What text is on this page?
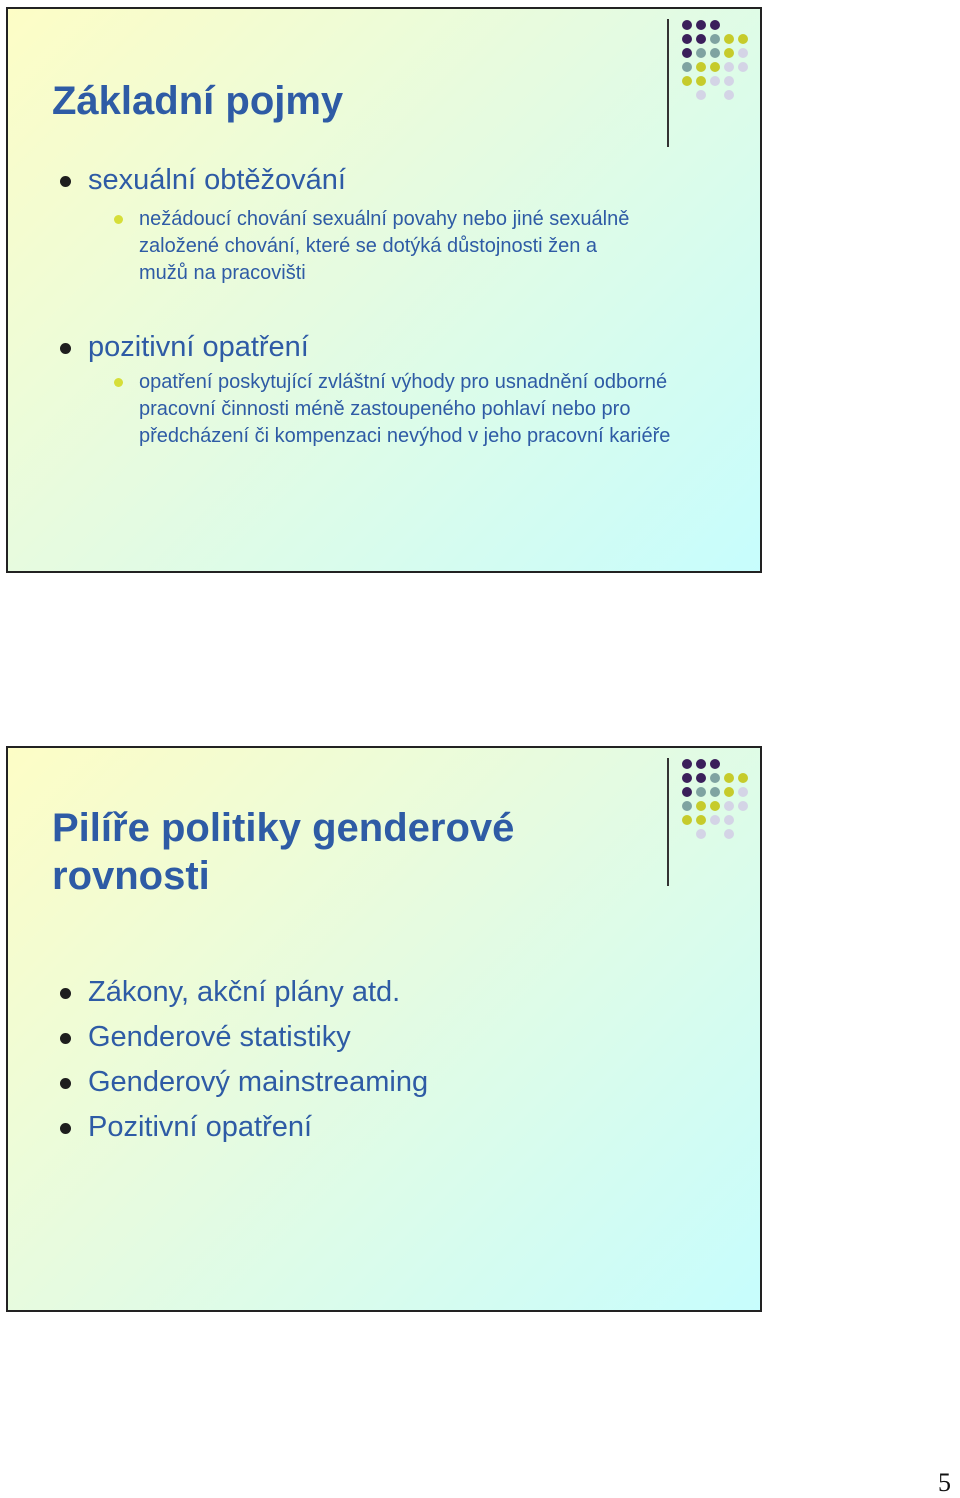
Základní pojmy
sexuální obtěžování
nežádoucí chování sexuální povahy nebo jiné sexuálně založené chování, které se dotýká důstojnosti žen a mužů na pracovišti
pozitivní opatření
opatření poskytující zvláštní výhody pro usnadnění odborné pracovní činnosti méně zastoupeného pohlaví nebo pro předcházení či kompenzaci nevýhod v jeho pracovní kariéře
Pilíře politiky genderové rovnosti
Zákony, akční plány atd.
Genderové statistiky
Genderový mainstreaming
Pozitivní opatření
5
